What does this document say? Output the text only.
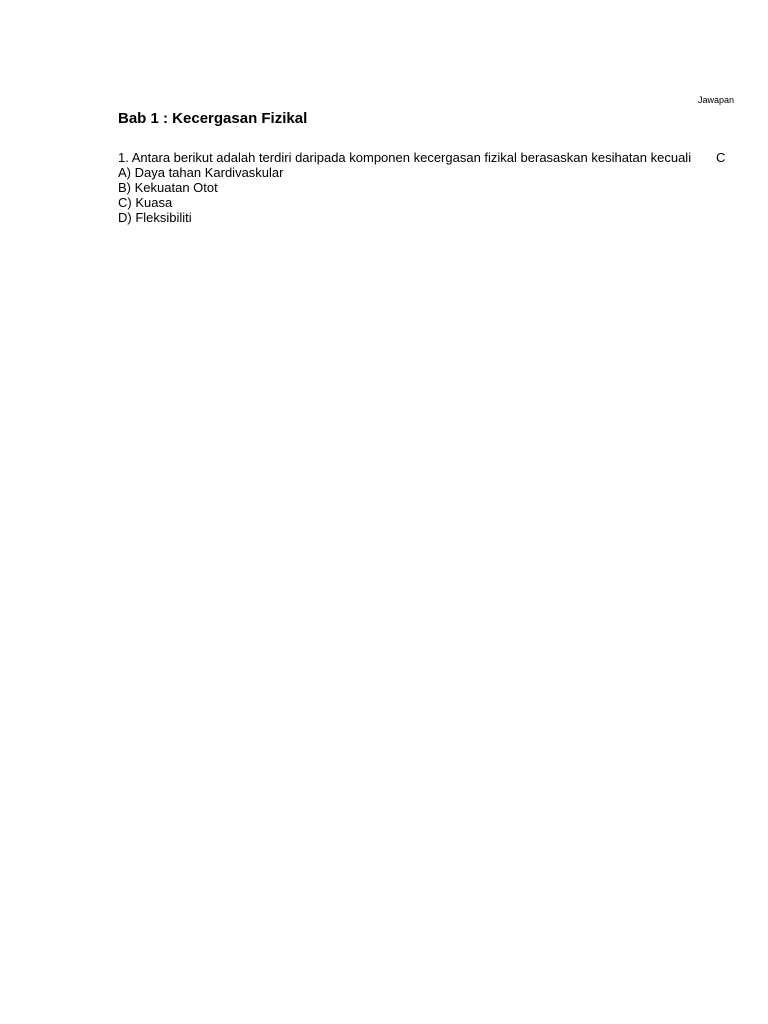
Jawapan
Bab 1 : Kecergasan Fizikal
1. Antara berikut adalah terdiri daripada komponen kecergasan fizikal berasaskan kesihatan kecuali
A) Daya tahan Kardivaskular
B) Kekuatan Otot
C) Kuasa
D) Fleksibiliti
C
